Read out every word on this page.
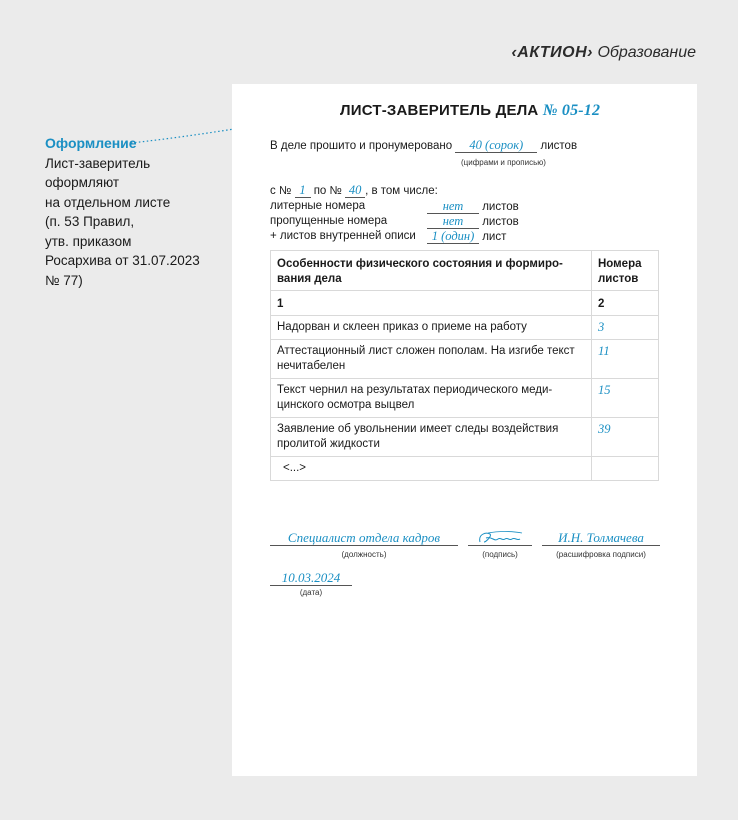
‹АКТИОН› Образование
Оформление
Лист-заверитель
оформляют
на отдельном листе
(п. 53 Правил,
утв. приказом
Росархива от 31.07.2023
№ 77)
ЛИСТ-ЗАВЕРИТЕЛЬ ДЕЛА № 05-12
В деле прошито и пронумеровано 40 (сорок) листов
(цифрами и прописью)
с № 1 по № 40 , в том числе:
литерные номера	нет листов
пропущенные номера	нет листов
+ листов внутренней описи	1 (один) лист
Особенности физического состояния и формиро-
вания дела	Номера
листов
1	2
Надорван и склеен приказ о приеме на работу	3
Аттестационный лист сложен пополам. На изгибе текст нечитабелен	11
Текст чернил на результатах периодического меди-
цинского осмотра выцвел	15
Заявление об увольнении имеет следы воздействия пролитой жидкости	39
<...>	
Специалист отдела кадров
(должность)	(подпись)
И.Н. Толмачева
(расшифровка подписи)
10.03.2024
(дата)
